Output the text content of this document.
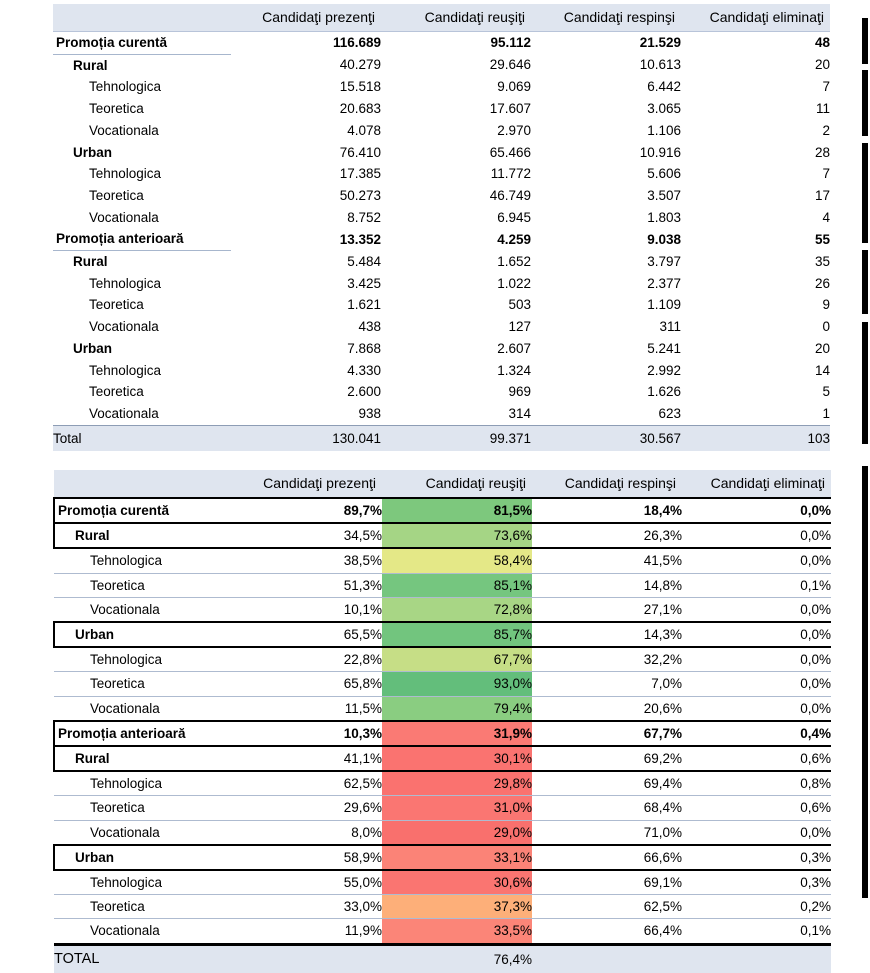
	Candidaţi prezenţi	Candidaţi reuşiţi	Candidaţi respinşi	Candidaţi eliminaţi
Promoția curentă	116.689	95.112	21.529	48
Rural	40.279	29.646	10.613	20
Tehnologica	15.518	9.069	6.442	7
Teoretica	20.683	17.607	3.065	11
Vocationala	4.078	2.970	1.106	2
Urban	76.410	65.466	10.916	28
Tehnologica	17.385	11.772	5.606	7
Teoretica	50.273	46.749	3.507	17
Vocationala	8.752	6.945	1.803	4
Promoția anterioară	13.352	4.259	9.038	55
Rural	5.484	1.652	3.797	35
Tehnologica	3.425	1.022	2.377	26
Teoretica	1.621	503	1.109	9
Vocationala	438	127	311	0
Urban	7.868	2.607	5.241	20
Tehnologica	4.330	1.324	2.992	14
Teoretica	2.600	969	1.626	5
Vocationala	938	314	623	1
Total	130.041	99.371	30.567	103
	Candidaţi prezenţi	Candidaţi reuşiţi	Candidaţi respinşi	Candidaţi eliminaţi
Promoția curentă	89,7%	81,5%	18,4%	0,0%
Rural	34,5%	73,6%	26,3%	0,0%
Tehnologica	38,5%	58,4%	41,5%	0,0%
Teoretica	51,3%	85,1%	14,8%	0,1%
Vocationala	10,1%	72,8%	27,1%	0,0%
Urban	65,5%	85,7%	14,3%	0,0%
Tehnologica	22,8%	67,7%	32,2%	0,0%
Teoretica	65,8%	93,0%	7,0%	0,0%
Vocationala	11,5%	79,4%	20,6%	0,0%
Promoția anterioară	10,3%	31,9%	67,7%	0,4%
Rural	41,1%	30,1%	69,2%	0,6%
Tehnologica	62,5%	29,8%	69,4%	0,8%
Teoretica	29,6%	31,0%	68,4%	0,6%
Vocationala	8,0%	29,0%	71,0%	0,0%
Urban	58,9%	33,1%	66,6%	0,3%
Tehnologica	55,0%	30,6%	69,1%	0,3%
Teoretica	33,0%	37,3%	62,5%	0,2%
Vocationala	11,9%	33,5%	66,4%	0,1%
TOTAL		76,4%		
